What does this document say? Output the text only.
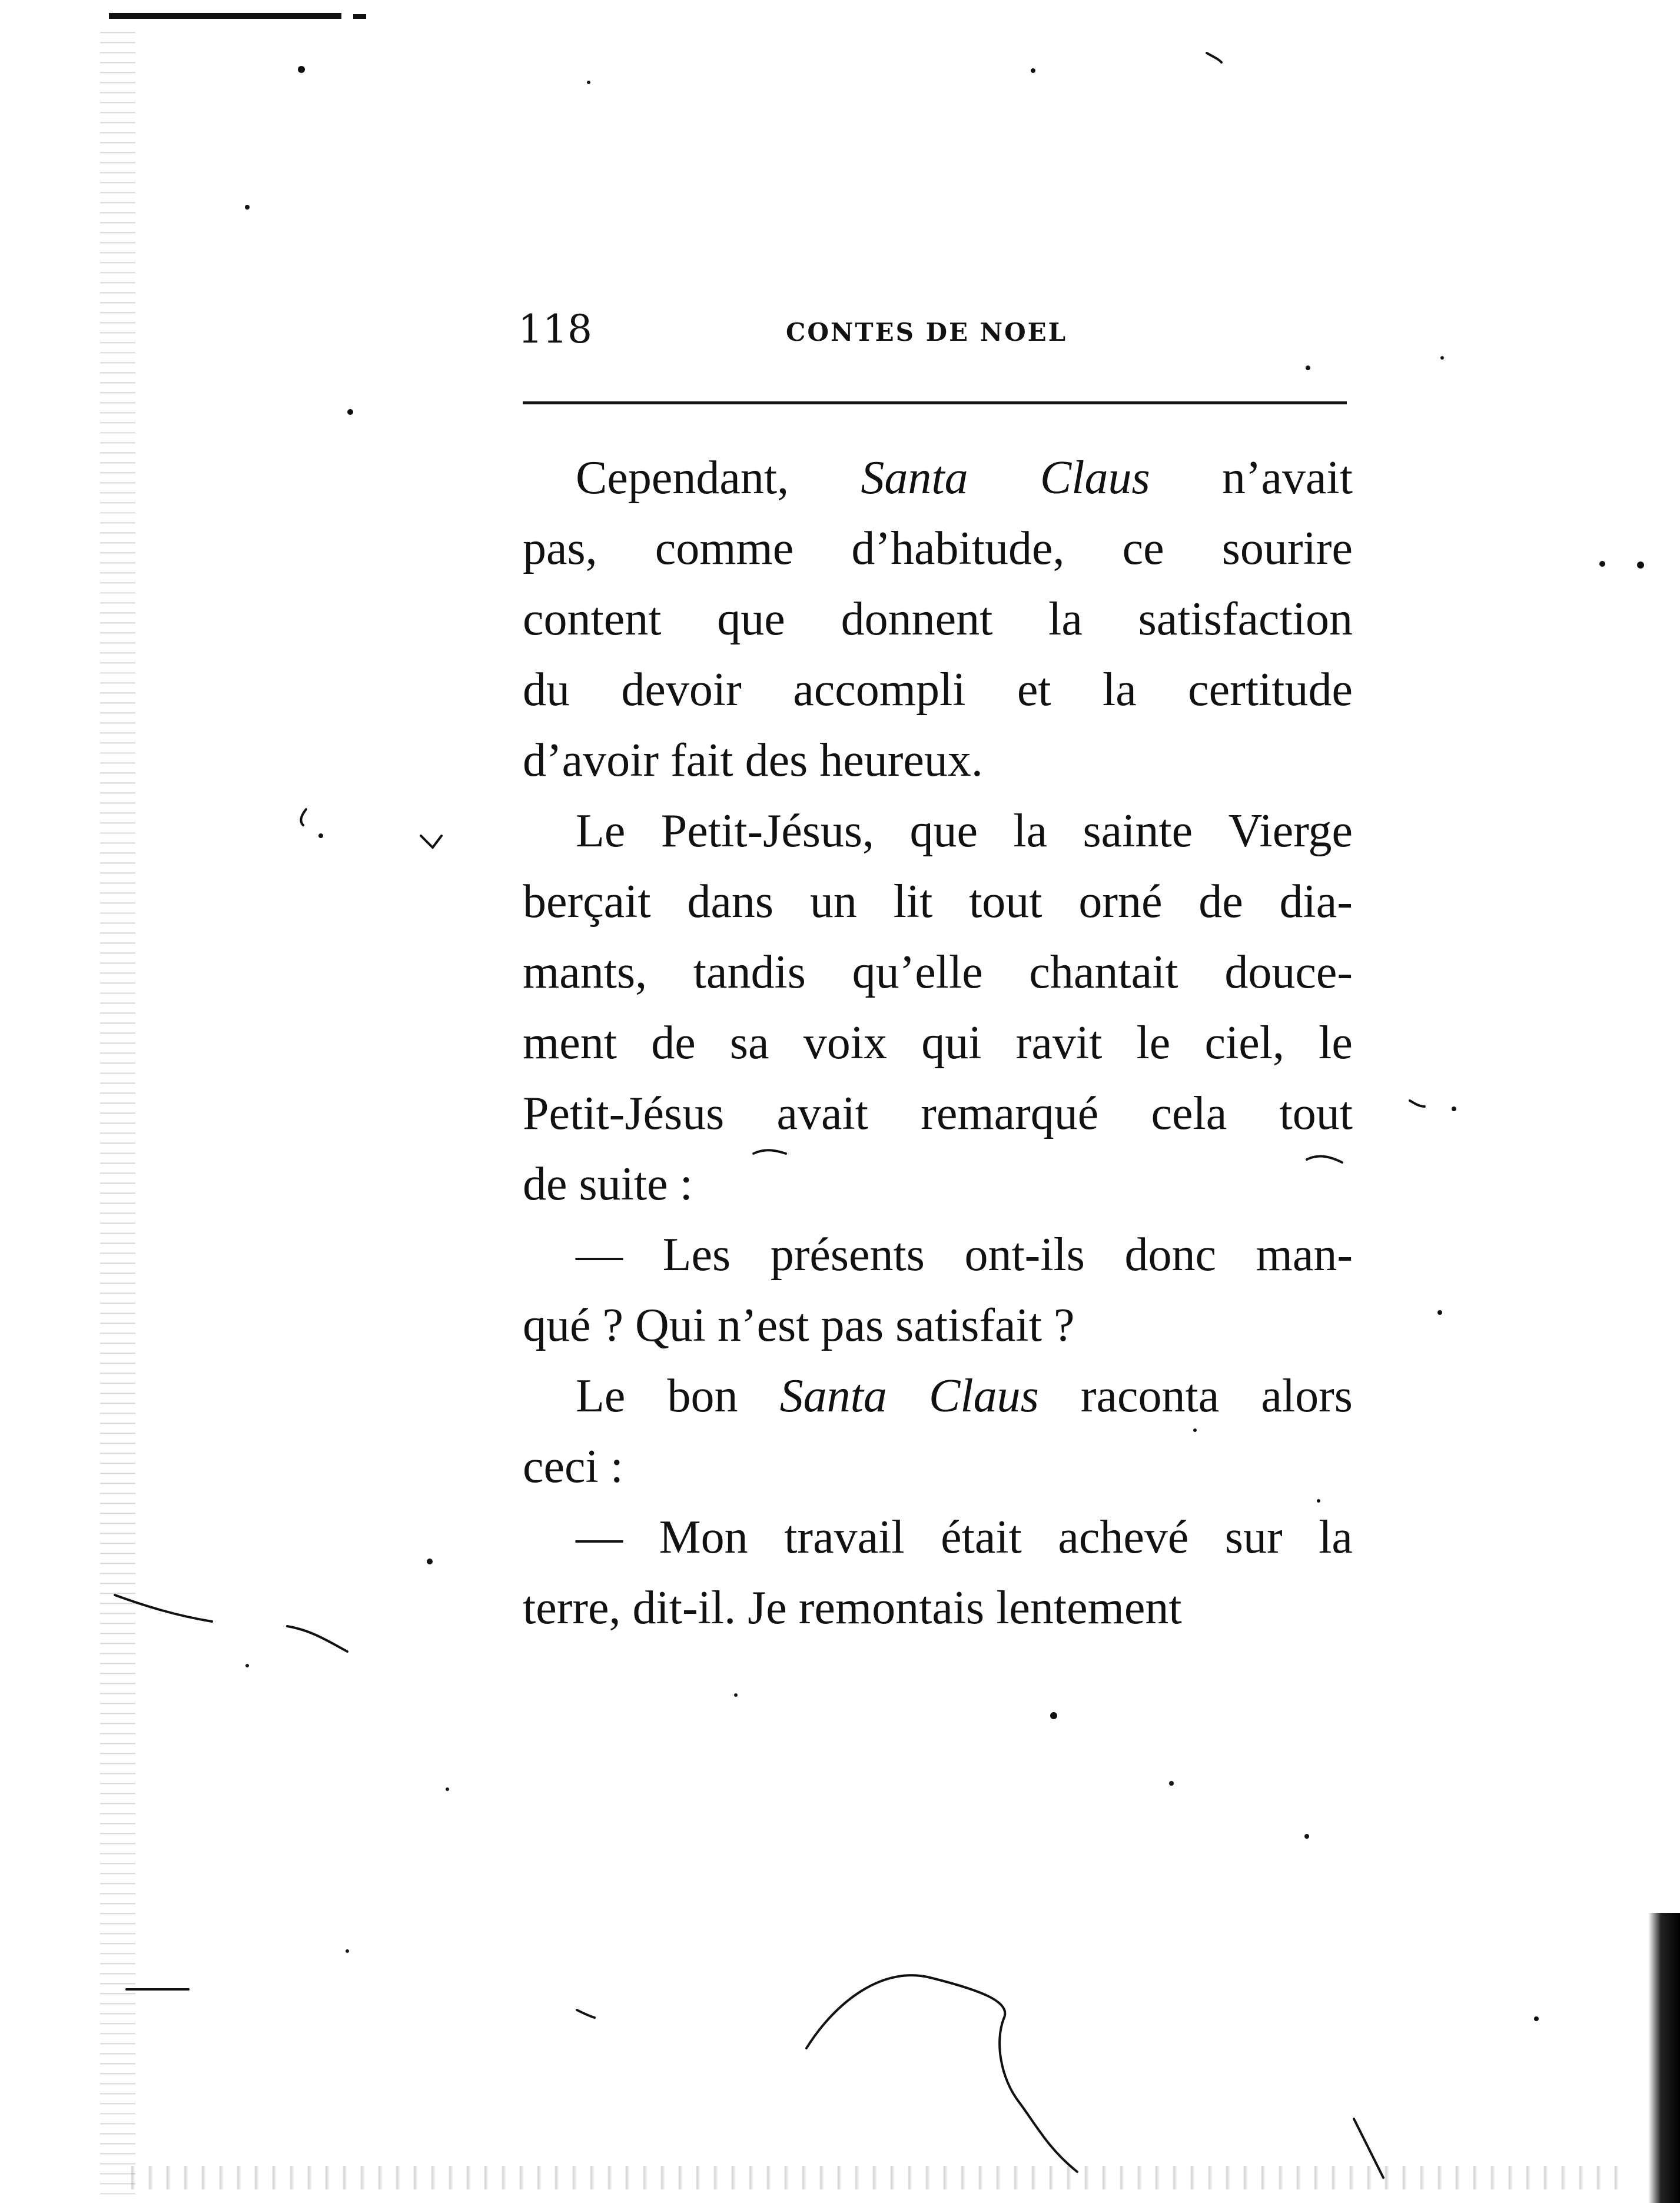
118	CONTES DE NOEL
Cependant, Santa Claus n’avait
pas, comme d’habitude, ce sourire
content que donnent la satisfaction
du devoir accompli et la certitude
d’avoir fait des heureux.
Le Petit-Jésus, que la sainte Vierge
berçait dans un lit tout orné de dia-
mants, tandis qu’elle chantait douce-
ment de sa voix qui ravit le ciel, le
Petit-Jésus avait remarqué cela tout
de suite :
— Les présents ont-ils donc man-
qué ? Qui n’est pas satisfait ?
Le bon Santa Claus raconta alors
ceci :
— Mon travail était achevé sur la
terre, dit-il. Je remontais lentement
